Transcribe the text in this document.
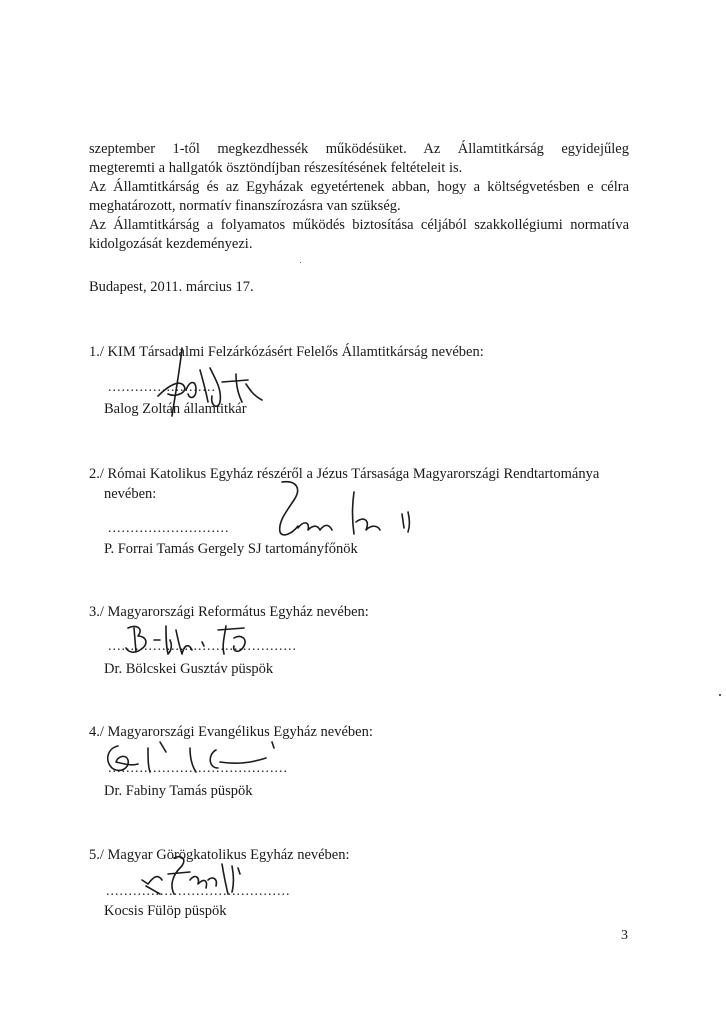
szeptember 1-től megkezdhessék működésüket. Az Államtitkárság egyidejűleg
megteremti a hallgatók ösztöndíjban részesítésének feltételeit is.
Az Államtitkárság és az Egyházak egyetértenek abban, hogy a költségvetésben e célra
meghatározott, normatív finanszírozásra van szükség.
Az Államtitkárság a folyamatos működés biztosítása céljából szakkollégiumi normatíva
kidolgozását kezdeményezi.
Budapest, 2011. március 17.
1./ KIM Társadalmi Felzárkózásért Felelős Államtitkárság nevében:
........................
Balog Zoltán államtitkár
2./ Római Katolikus Egyház részéről a Jézus Társasága Magyarországi Rendtartománya
nevében:
...........................
P. Forrai Tamás Gergely SJ tartományfőnök
3./ Magyarországi Református Egyház nevében:
..........................................
Dr. Bölcskei Gusztáv püspök
4./ Magyarországi Evangélikus Egyház nevében:
........................................
Dr. Fabiny Tamás püspök
5./ Magyar Görögkatolikus Egyház nevében:
.........................................
Kocsis Fülöp püspök
3
